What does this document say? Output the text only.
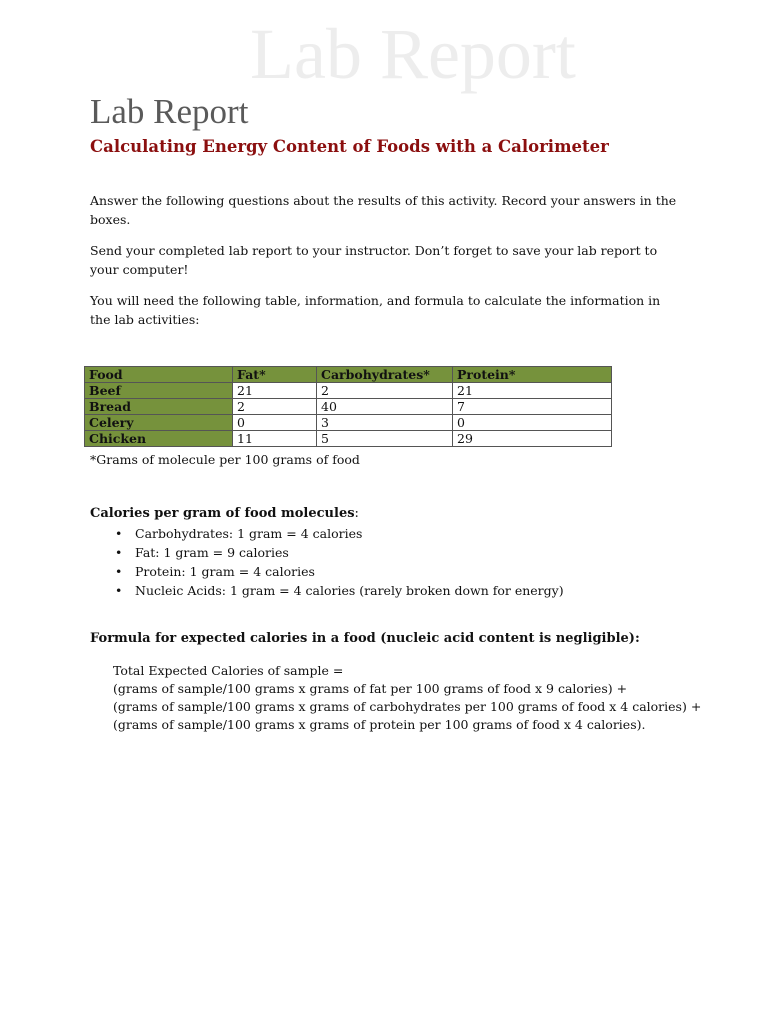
Lab Report
Lab Report
Calculating Energy Content of Foods with a Calorimeter

Answer the following questions about the results of this activity. Record your answers in the boxes.

Send your completed lab report to your instructor. Don’t forget to save your lab report to your computer!

You will need the following table, information, and formula to calculate the information in the lab activities:

Food	Fat*	Carbohydrates*	Protein*
Beef	21	2	21
Bread	2	40	7
Celery	0	3	0
Chicken	11	5	29
*Grams of molecule per 100 grams of food
Calories per gram of food molecules:
• Carbohydrates: 1 gram = 4 calories
• Fat: 1 gram = 9 calories
• Protein: 1 gram = 4 calories
• Nucleic Acids: 1 gram = 4 calories (rarely broken down for energy)
Formula for expected calories in a food (nucleic acid content is negligible):
Total Expected Calories of sample =
(grams of sample/100 grams x grams of fat per 100 grams of food x 9 calories) +
(grams of sample/100 grams x grams of carbohydrates per 100 grams of food x 4 calories) +
(grams of sample/100 grams x grams of protein per 100 grams of food x 4 calories).
